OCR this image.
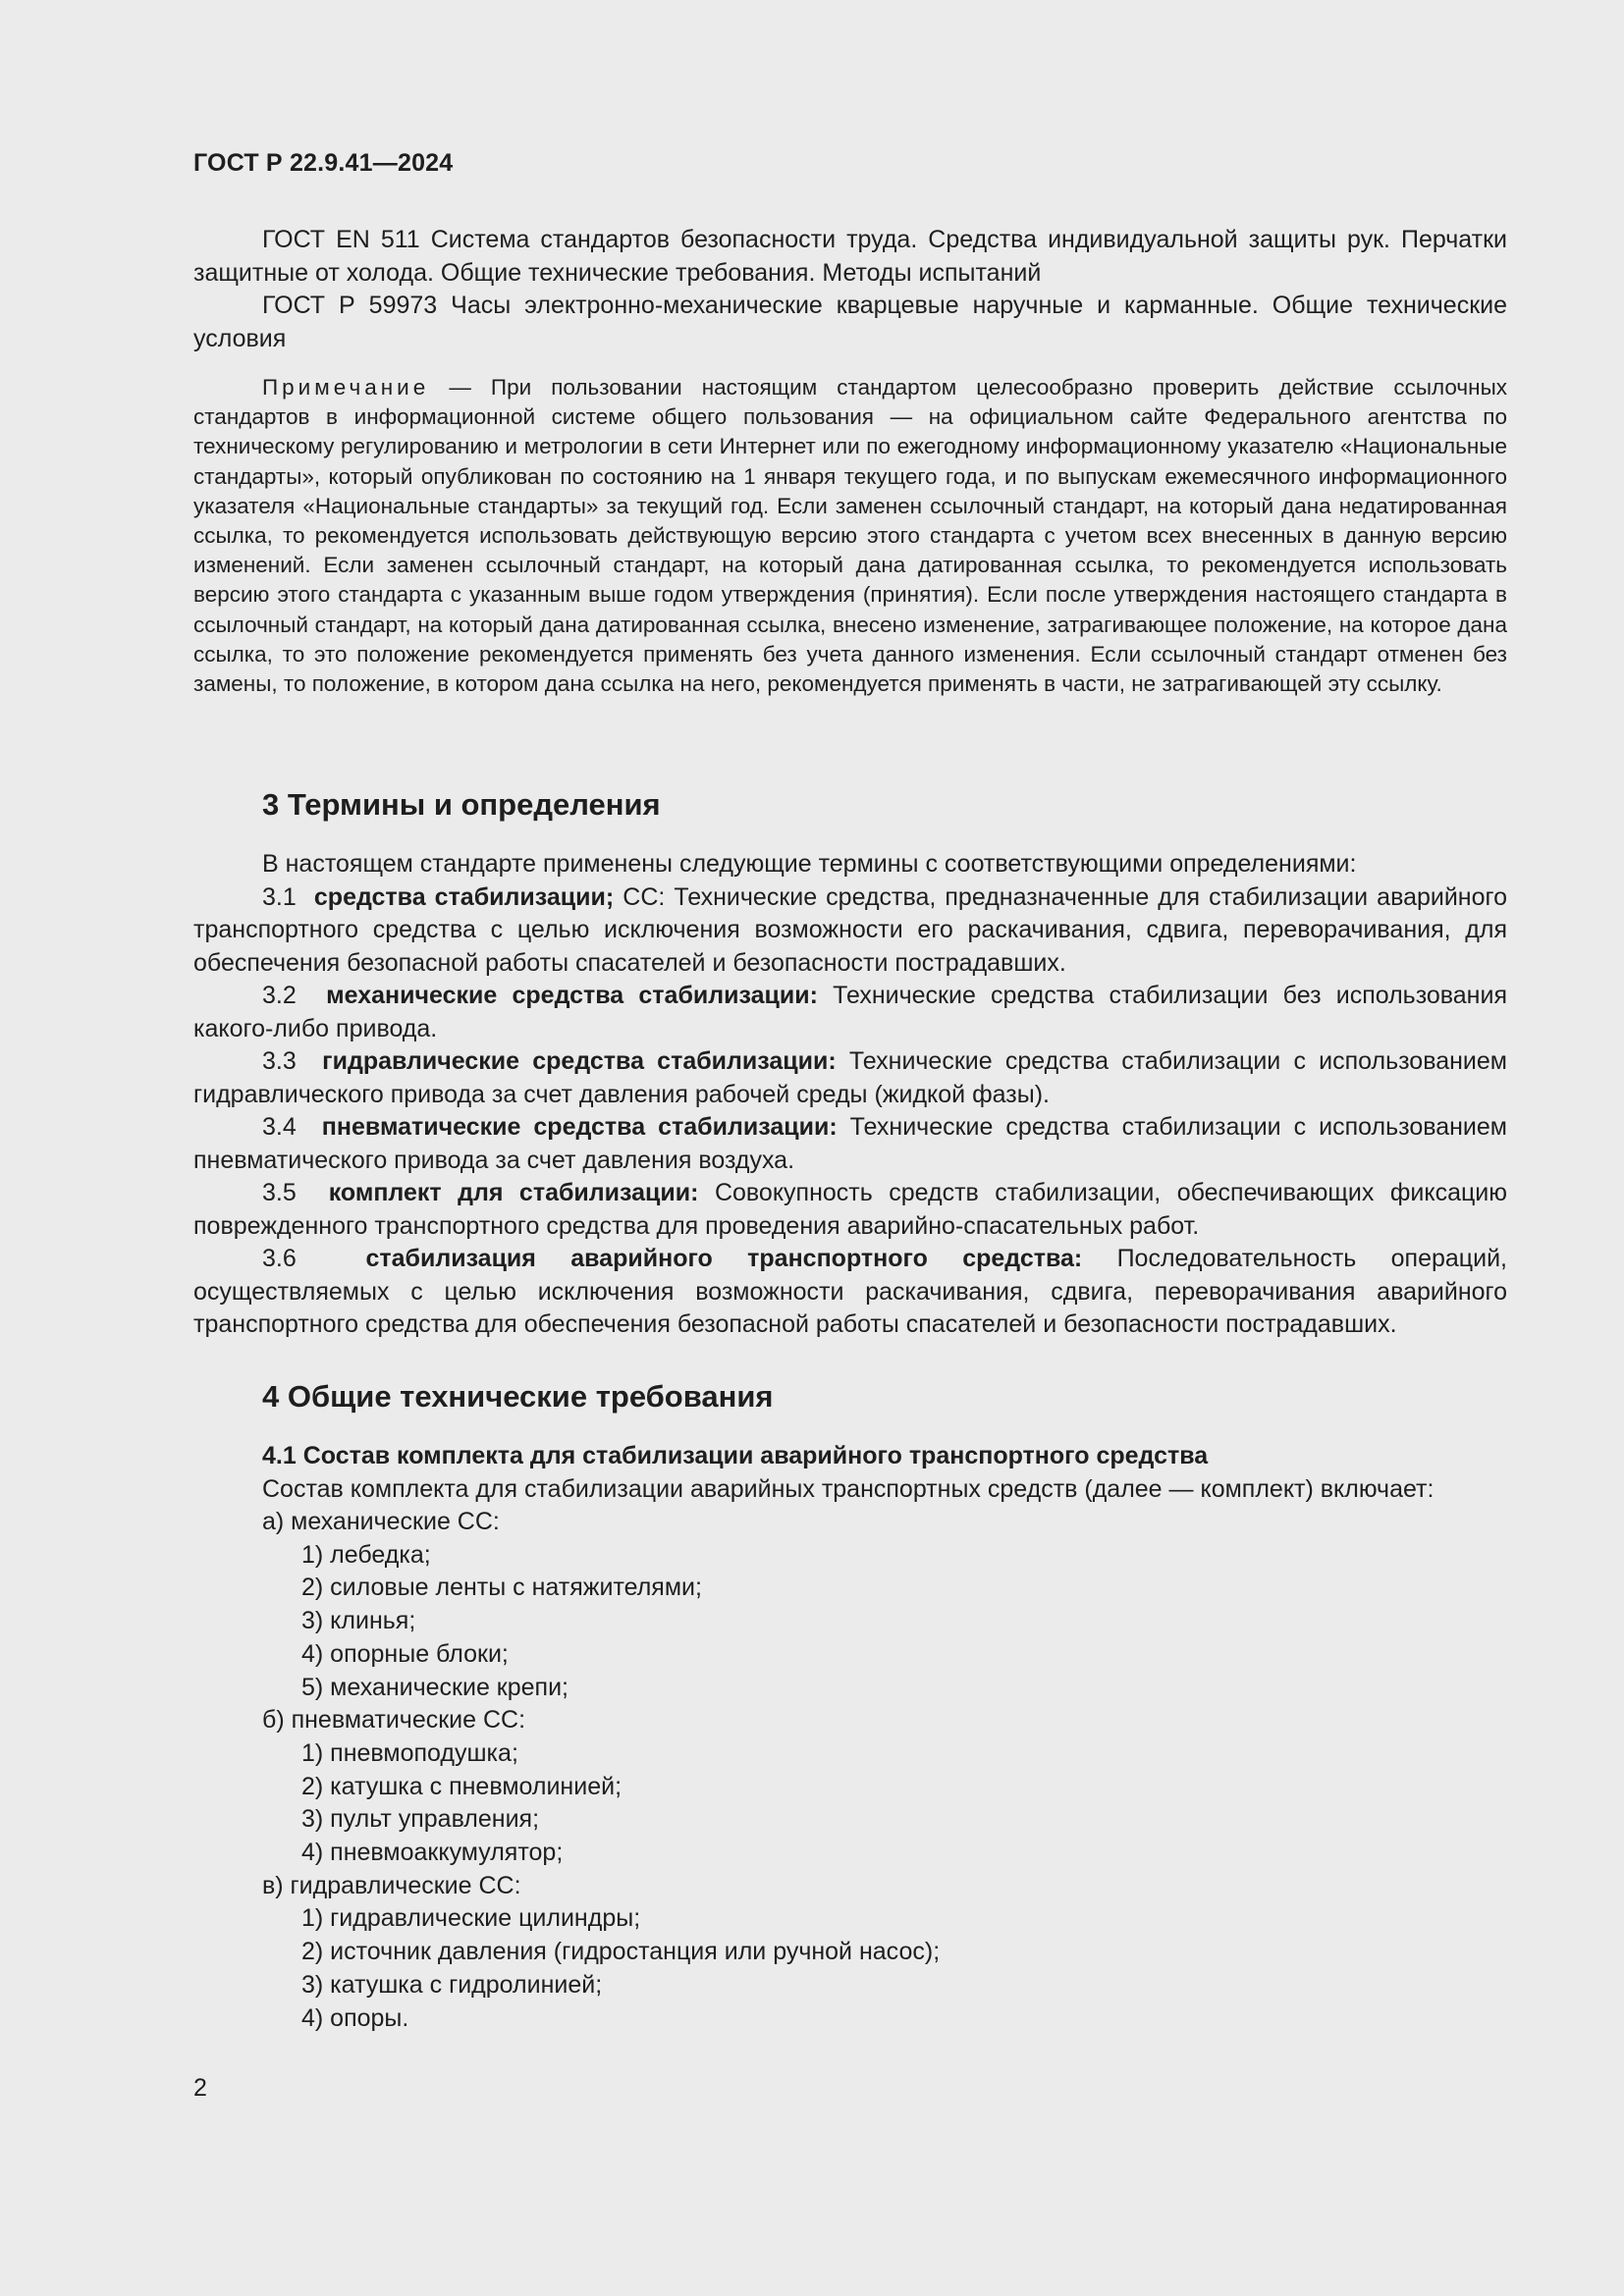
ГОСТ Р 22.9.41—2024

ГОСТ EN 511 Система стандартов безопасности труда. Средства индивидуальной защиты рук. Перчатки защитные от холода. Общие технические требования. Методы испытаний

ГОСТ Р 59973 Часы электронно-механические кварцевые наручные и карманные. Общие технические условия

Примечание — При пользовании настоящим стандартом целесообразно проверить действие ссылочных стандартов в информационной системе общего пользования — на официальном сайте Федерального агентства по техническому регулированию и метрологии в сети Интернет или по ежегодному информационному указателю «Национальные стандарты», который опубликован по состоянию на 1 января текущего года, и по выпускам ежемесячного информационного указателя «Национальные стандарты» за текущий год. Если заменен ссылочный стандарт, на который дана недатированная ссылка, то рекомендуется использовать действующую версию этого стандарта с учетом всех внесенных в данную версию изменений. Если заменен ссылочный стандарт, на который дана датированная ссылка, то рекомендуется использовать версию этого стандарта с указанным выше годом утверждения (принятия). Если после утверждения настоящего стандарта в ссылочный стандарт, на который дана датированная ссылка, внесено изменение, затрагивающее положение, на которое дана ссылка, то это положение рекомендуется применять без учета данного изменения. Если ссылочный стандарт отменен без замены, то положение, в котором дана ссылка на него, рекомендуется применять в части, не затрагивающей эту ссылку.

3 Термины и определения

В настоящем стандарте применены следующие термины с соответствующими определениями:

3.1 средства стабилизации; СС: Технические средства, предназначенные для стабилизации аварийного транспортного средства с целью исключения возможности его раскачивания, сдвига, переворачивания, для обеспечения безопасной работы спасателей и безопасности пострадавших.

3.2 механические средства стабилизации: Технические средства стабилизации без использования какого-либо привода.

3.3 гидравлические средства стабилизации: Технические средства стабилизации с использованием гидравлического привода за счет давления рабочей среды (жидкой фазы).

3.4 пневматические средства стабилизации: Технические средства стабилизации с использованием пневматического привода за счет давления воздуха.

3.5 комплект для стабилизации: Совокупность средств стабилизации, обеспечивающих фиксацию поврежденного транспортного средства для проведения аварийно-спасательных работ.

3.6	стабилизация аварийного транспортного средства: Последовательность операций, осуществляемых с целью исключения возможности раскачивания, сдвига, переворачивания аварийного транспортного средства для обеспечения безопасной работы спасателей и безопасности пострадавших.

4 Общие технические требования

4.1 Состав комплекта для стабилизации аварийного транспортного средства

Состав комплекта для стабилизации аварийных транспортных средств (далее — комплект) включает:

а) механические СС:

1) лебедка;

2) силовые ленты с натяжителями;

3) клинья;

4) опорные блоки;

5) механические крепи;

б) пневматические СС:

1) пневмоподушка;

2) катушка с пневмолинией;

3) пульт управления;

4) пневмоаккумулятор;

в) гидравлические СС:

1) гидравлические цилиндры;

2) источник давления (гидростанция или ручной насос);

3) катушка с гидролинией;

4) опоры.

2
